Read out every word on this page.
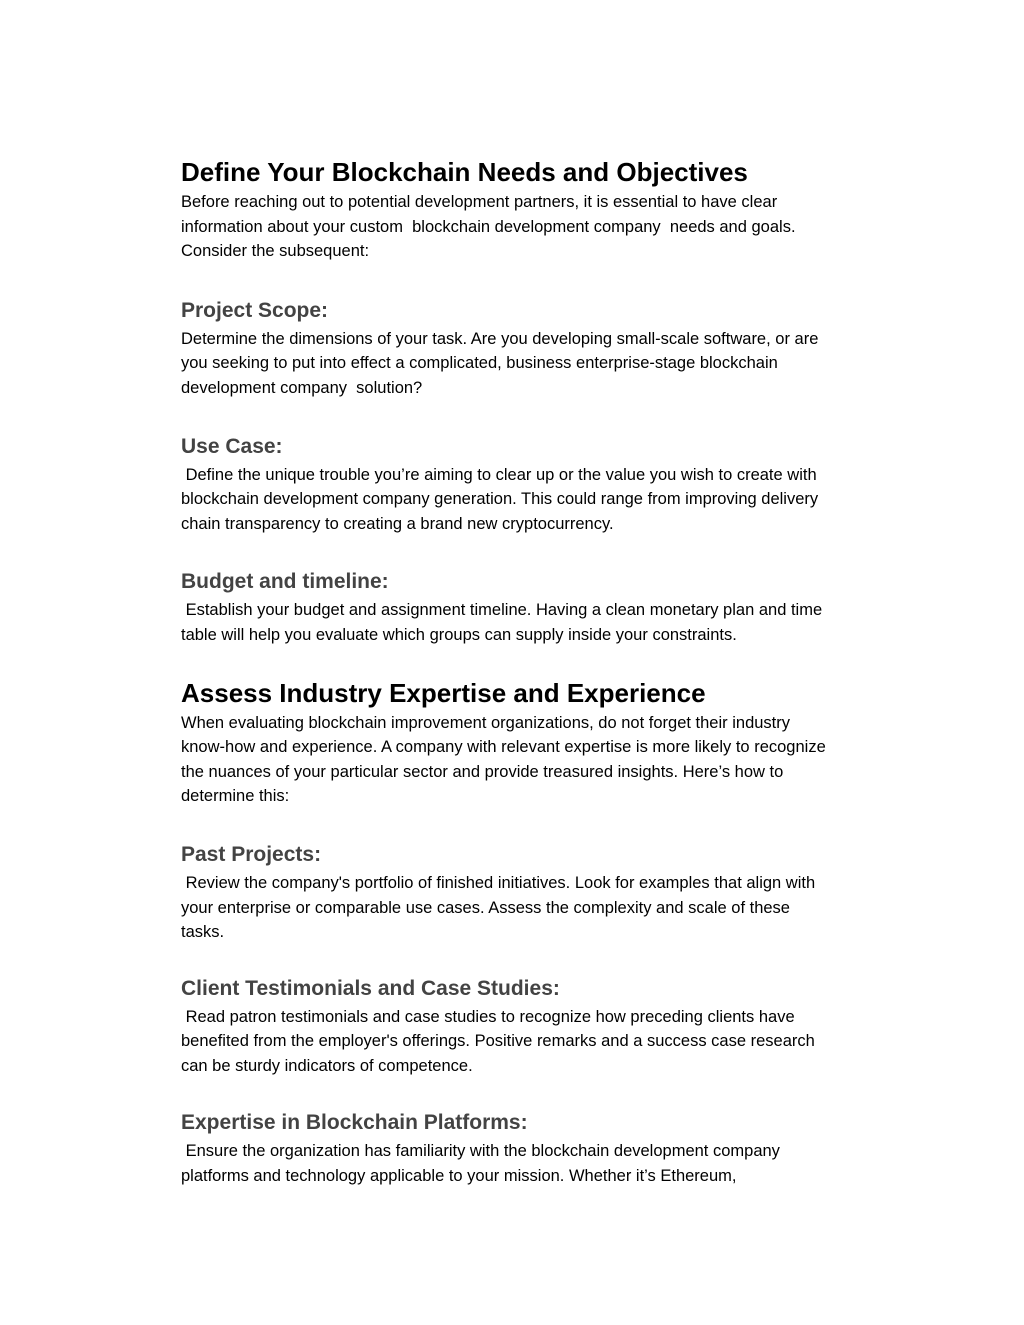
Define Your Blockchain Needs and Objectives
Before reaching out to potential development partners, it is essential to have clear
information about your custom  blockchain development company  needs and goals.
Consider the subsequent:
Project Scope:
Determine the dimensions of your task. Are you developing small-scale software, or are
you seeking to put into effect a complicated, business enterprise-stage blockchain
development company  solution?
Use Case:
Define the unique trouble you’re aiming to clear up or the value you wish to create with
blockchain development company generation. This could range from improving delivery
chain transparency to creating a brand new cryptocurrency.
Budget and timeline:
Establish your budget and assignment timeline. Having a clean monetary plan and time
table will help you evaluate which groups can supply inside your constraints.
Assess Industry Expertise and Experience
When evaluating blockchain improvement organizations, do not forget their industry
know-how and experience. A company with relevant expertise is more likely to recognize
the nuances of your particular sector and provide treasured insights. Here’s how to
determine this:
Past Projects:
Review the company's portfolio of finished initiatives. Look for examples that align with
your enterprise or comparable use cases. Assess the complexity and scale of these
tasks.
Client Testimonials and Case Studies:
Read patron testimonials and case studies to recognize how preceding clients have
benefited from the employer's offerings. Positive remarks and a success case research
can be sturdy indicators of competence.
Expertise in Blockchain Platforms:
Ensure the organization has familiarity with the blockchain development company
platforms and technology applicable to your mission. Whether it’s Ethereum,
